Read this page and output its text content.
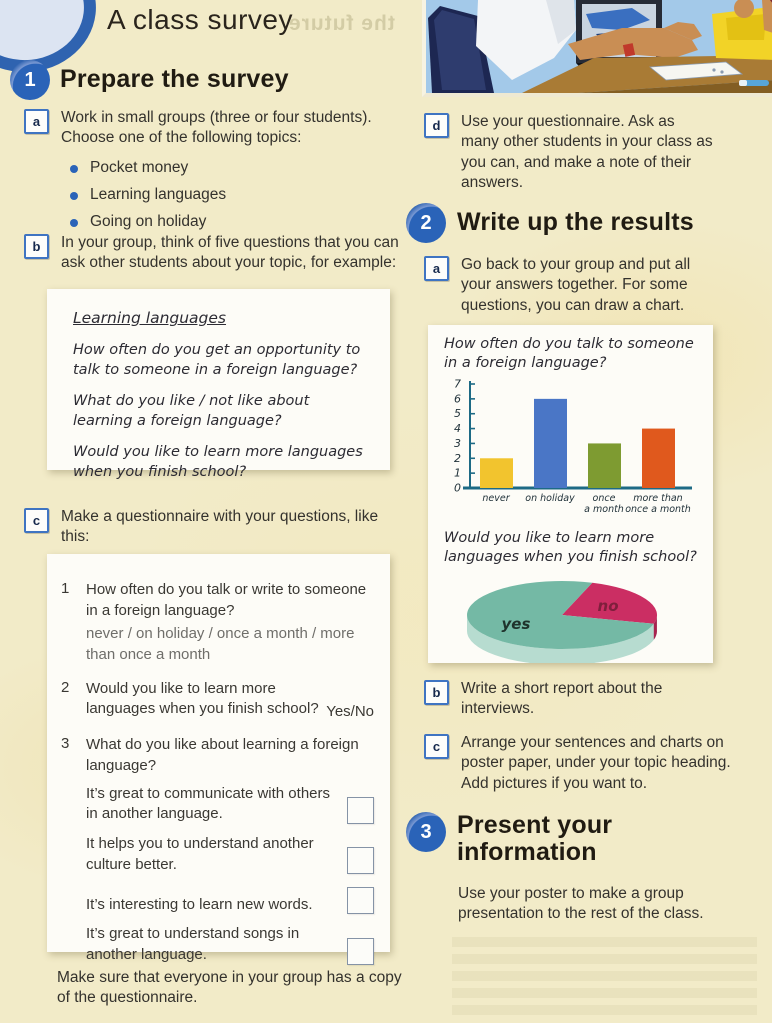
the future
A class survey
1 Prepare the survey
a	Work in small groups (three or four students). Choose one of the following topics:
Pocket money
Learning languages
Going on holiday
b	In your group, think of five questions that you can ask other students about your topic, for example:
Learning languages
How often do you get an opportunity to talk to someone in a foreign language?
What do you like / not like about learning a foreign language?
Would you like to learn more languages when you finish school?
c	Make a questionnaire with your questions, like this:
1	How often do you talk or write to someone in a foreign language?
never / on holiday / once a month / more than once a month
2	Would you like to learn more languages when you finish school? Yes/No
3	What do you like about learning a foreign language?
It’s great to communicate with others in another language.
It helps you to understand another culture better.
It’s interesting to learn new words.
It’s great to understand songs in another language.
Make sure that everyone in your group has a copy of the questionnaire.
d	Use your questionnaire. Ask as many other students in your class as you can, and make a note of their answers.
2	Write up the results
a	Go back to your group and put all your answers together. For some questions, you can draw a chart.
How often do you talk to someone in a foreign language?
0
1
2
3
4
5
6
7
never on holiday once
a month
more than
once a month
Would you like to learn more languages when you finish school?
no
yes
b	Write a short report about the interviews.
c	Arrange your sentences and charts on poster paper, under your topic heading. Add pictures if you want to.
3	Present your information
Use your poster to make a group presentation to the rest of the class.
